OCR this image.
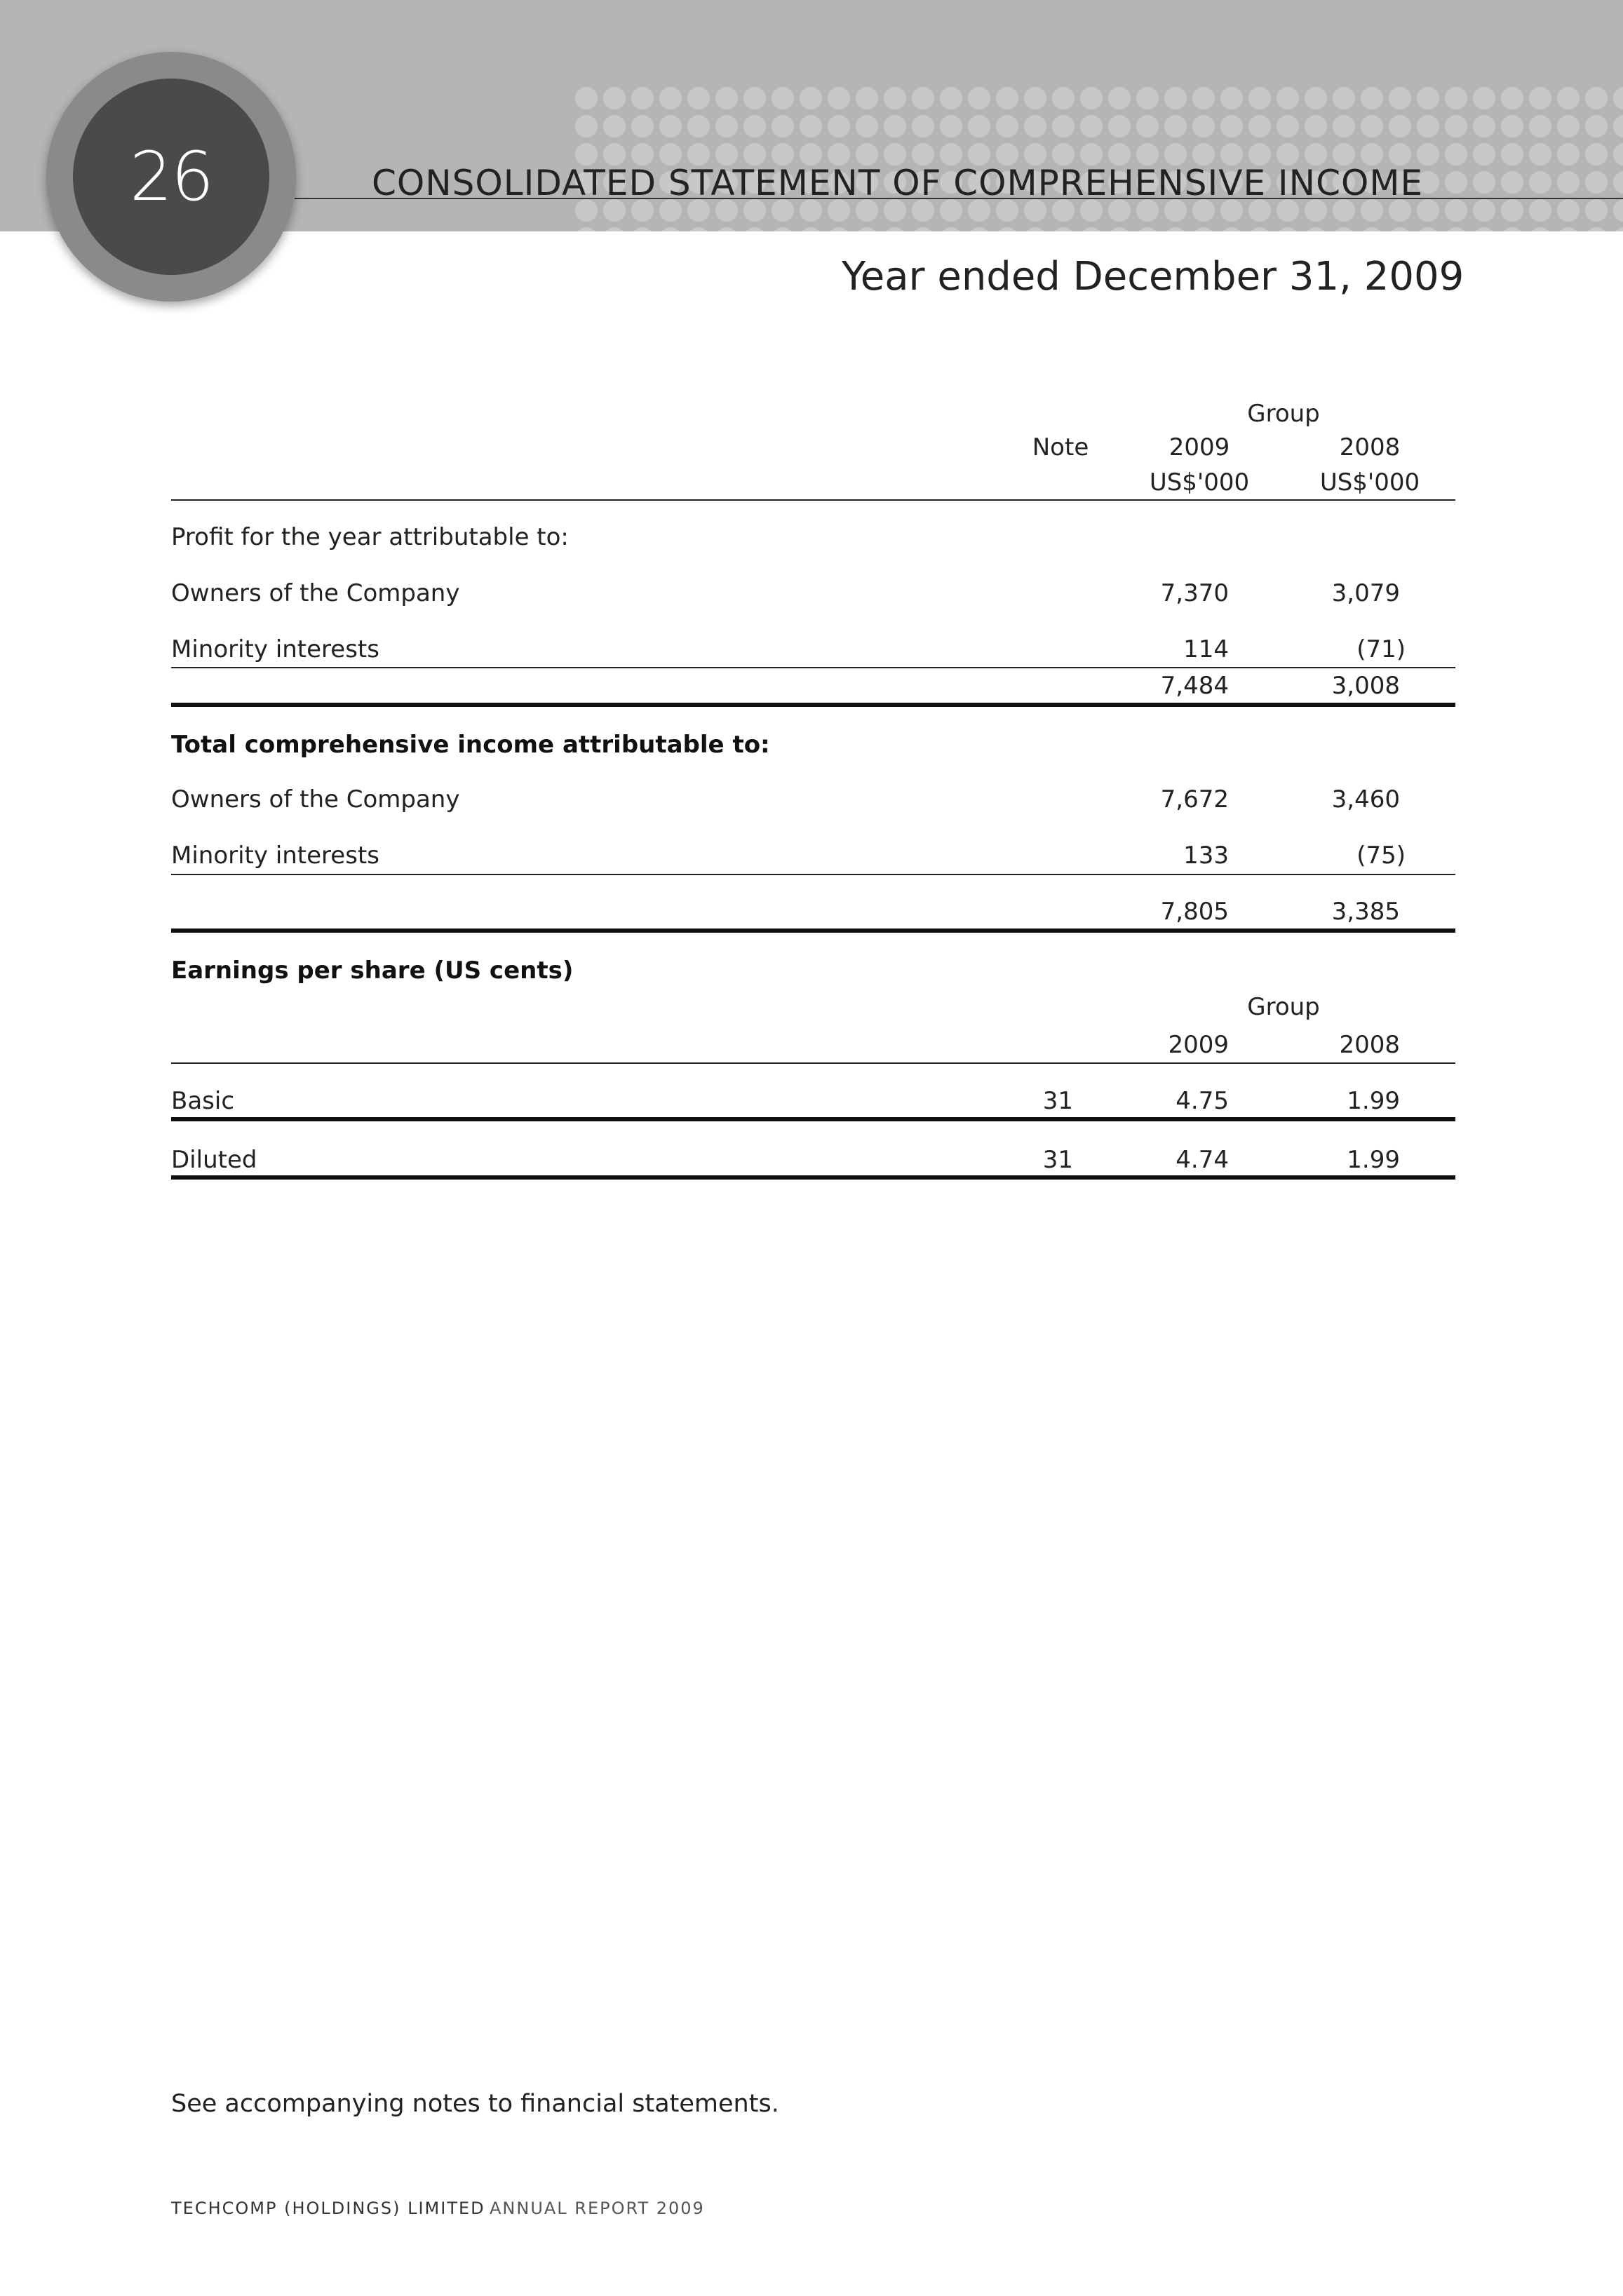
CONSOLIDATED STATEMENT OF COMPREHENSIVE INCOME
26
Year ended December 31, 2009
Group
Note	2009	2008
US$'000	US$'000
Profit for the year attributable to:
Owners of the Company	7,370	3,079
Minority interests	114	(71)
7,484	3,008
Total comprehensive income attributable to:
Owners of the Company	7,672	3,460
Minority interests	133	(75)
7,805	3,385
Earnings per share (US cents)
Group
2009	2008
Basic	31	4.75	1.99
Diluted	31	4.74	1.99
See accompanying notes to financial statements.
TECHCOMP (HOLDINGS) LIMITED ANNUAL REPORT 2009
